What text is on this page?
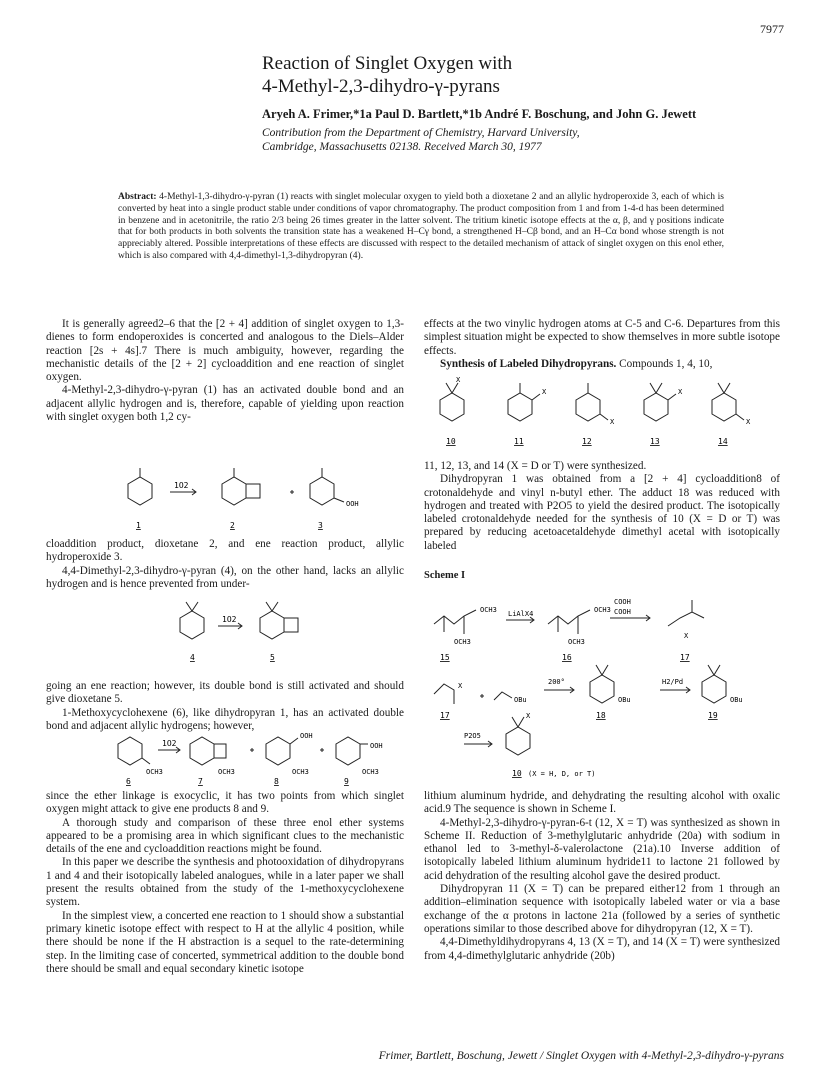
7977
Reaction of Singlet Oxygen with
4-Methyl-2,3-dihydro-γ-pyrans
Aryeh A. Frimer,*1a Paul D. Bartlett,*1b André F. Boschung, and John G. Jewett
Contribution from the Department of Chemistry, Harvard University,
Cambridge, Massachusetts 02138. Received March 30, 1977
Abstract: 4-Methyl-1,3-dihydro-γ-pyran (1) reacts with singlet molecular oxygen to yield both a dioxetane 2 and an allylic hydroperoxide 3, each of which is converted by heat into a single product stable under conditions of vapor chromatography. The product composition from 1 and from 1-4-d has been determined in benzene and in acetonitrile, the ratio 2/3 being 26 times greater in the latter solvent. The tritium kinetic isotope effects at the α, β, and γ positions indicate that for both products in both solvents the transition state has a weakened H–Cγ bond, a strengthened H–Cβ bond, and an H–Cα bond whose strength is not appreciably altered. Possible interpretations of these effects are discussed with respect to the detailed mechanism of attack of singlet oxygen on this enol ether, which is also compared with 4,4-dimethyl-1,3-dihydropyran (4).

It is generally agreed2–6 that the [2 + 4] addition of singlet oxygen to 1,3-dienes to form endoperoxides is concerted and analogous to the Diels–Alder reaction [2s + 4s].7 There is much ambiguity, however, regarding the mechanistic details of the [2 + 2] cycloaddition and ene reaction of singlet oxygen.

4-Methyl-2,3-dihydro-γ-pyran (1) has an activated double bond and an adjacent allylic hydrogen and is, therefore, capable of yielding upon reaction with singlet oxygen both 1,2 cy-

1O2
OOH
1	2	3

cloaddition product, dioxetane 2, and ene reaction product, allylic hydroperoxide 3.

4,4-Dimethyl-2,3-dihydro-γ-pyran (4), on the other hand, lacks an allylic hydrogen and is hence prevented from under-

1O2
4	5

going an ene reaction; however, its double bond is still activated and should give dioxetane 5.

1-Methoxycyclohexene (6), like dihydropyran 1, has an activated double bond and adjacent allylic hydrogens; however,

1O2
OCH3	OCH3
OOH
OCH3
OOH
OCH3
6	7	8	9

since the ether linkage is exocyclic, it has two points from which singlet oxygen might attack to give ene products 8 and 9.

A thorough study and comparison of these three enol ether systems appeared to be a promising area in which significant clues to the mechanistic details of the ene and cycloaddition reactions might be found.

In this paper we describe the synthesis and photooxidation of dihydropyrans 1 and 4 and their isotopically labeled analogues, while in a later paper we shall present the results obtained from the study of the 1-methoxycyclohexene system.

In the simplest view, a concerted ene reaction to 1 should show a substantial primary kinetic isotope effect with respect to H at the allylic 4 position, while there should be none if the H abstraction is a sequel to the rate-determining step. In the limiting case of concerted, symmetrical addition to the double bond there should be small and equal secondary kinetic isotope

effects at the two vinylic hydrogen atoms at C-5 and C-6. Departures from this simplest situation might be expected to show themselves in more subtle isotope effects.

Synthesis of Labeled Dihydropyrans. Compounds 1, 4, 10,

X
X
X
X
X
10	11	12	13	14

11, 12, 13, and 14 (X = D or T) were synthesized.

Dihydropyran 1 was obtained from a [2 + 4] cycloaddition8 of crotonaldehyde and vinyl n-butyl ether. The adduct 18 was reduced with hydrogen and treated with P2O5 to yield the desired product. The isotopically labeled crotonaldehyde needed for the synthesis of 10 (X = D or T) was prepared by reducing acetoacetaldehyde dimethyl acetal with isotopically labeled

Scheme I
OCH3
OCH3
LiAlX4	OCH3
OCH3
COOH
COOH
X
15	16	17
X
OBu
200°
OBu
H2/Pd
OBu
17	18	19
P2O5
X
10 (X = H, D, or T)

lithium aluminum hydride, and dehydrating the resulting alcohol with oxalic acid.9 The sequence is shown in Scheme I.

4-Methyl-2,3-dihydro-γ-pyran-6-t (12, X = T) was synthesized as shown in Scheme II. Reduction of 3-methylglutaric anhydride (20a) with sodium in ethanol led to 3-methyl-δ-valerolactone (21a).10 Inverse addition of isotopically labeled lithium aluminum hydride11 to lactone 21 followed by acid dehydration of the resulting alcohol gave the desired product.

Dihydropyran 11 (X = T) can be prepared either12 from 1 through an addition–elimination sequence with isotopically labeled water or via a base exchange of the α protons in lactone 21a (followed by a series of synthetic operations similar to those described above for dihydropyran (12, X = T).

4,4-Dimethyldihydropyrans 4, 13 (X = T), and 14 (X = T) were synthesized from 4,4-dimethylglutaric anhydride (20b)

Frimer, Bartlett, Boschung, Jewett / Singlet Oxygen with 4-Methyl-2,3-dihydro-γ-pyrans
